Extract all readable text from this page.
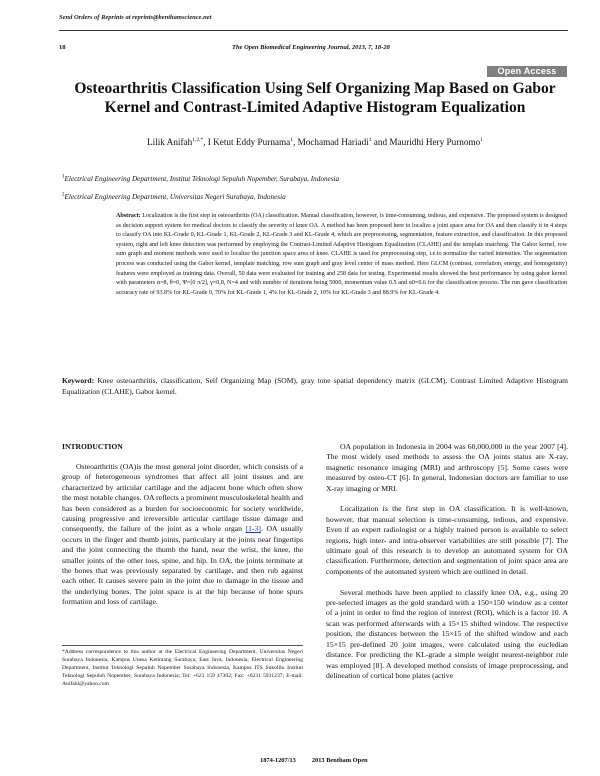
Send Orders of Reprints at reprints@benthamscience.net
18	The Open Biomedical Engineering Journal, 2013, 7, 18-28
Open Access
Osteoarthritis Classification Using Self Organizing Map Based on Gabor Kernel and Contrast-Limited Adaptive Histogram Equalization

Lilik Anifah$^{1,2,*}$, I Ketut Eddy Purnama$^1$, Mochamad Hariadi$^1$ and Mauridhi Hery Purnomo$^1$

$^1$Electrical Engineering Department, Institut Teknologi Sepuluh Nopember, Surabaya, Indonesia

$^2$Electrical Engineering Department, Universitas Negeri Surabaya, Indonesia

Abstract: Localization is the first step in osteoarthritis (OA) classification. Manual classification, however, is time-consuming, tedious, and expensive. The proposed system is designed as decision support system for medical doctors to classify the severity of knee OA. A method has been proposed here to localize a joint space area for OA and then classify it in 4 steps to classify OA into KL-Grade 0, KL-Grade 1, KL-Grade 2, KL-Grade 3 and KL-Grade 4, which are preprocessing, segmentation, feature extraction, and classification. In this proposed system, right and left knee detection was performed by employing the Contrast-Limited Adaptive Histogram Equalization (CLAHE) and the template matching. The Gabor kernel, row sum graph and moment methods were used to localize the junction space area of knee. CLAHE is used for preprocessing step, i.e.to normalize the varied intensities. The segmentation process was conducted using the Gabor kernel, template matching, row sum graph and gray level center of mass method. Here GLCM (contrast, correlation, energy, and homogeinity) features were employed as training data. Overall, 50 data were evaluated for training and 258 data for testing. Experimental results showed the best performance by using gabor kernel with parameters α=8, θ=0, Ψ=[0 π/2], γ=0,8, N=4 and with number of iterations being 5000, momentum value 0.5 and α0=0.6 for the classification process. The run gave classification accuracy rate of 93.8% for KL-Grade 0, 70% for KL-Grade 1, 4% for KL-Grade 2, 10% for KL-Grade 3 and 88.9% for KL-Grade 4.

Keyword: Knee osteoarthritis, classification, Self Organizing Map (SOM), gray tone spatial dependency matrix (GLCM), Contrast Limited Adaptive Histogram Equalization (CLAHE), Gabor kernel.

INTRODUCTION

Osteoarthritis (OA)is the most general joint disorder, which consists of a group of heterogeneous syndromes that affect all joint tissues and are characterized by articular cartilage and the adjacent bone which often show the most notable changes. OA reflects a prominent musculoskeletal health and has been considered as a burden for socioeconomic for society worldwide, causing progressive and irreversible articular cartilage tissue damage and consequently, the failure of the joint as a whole organ [1-3]. OA usually occurs in the finger and thumb joints, particulary at the joints near fingertips and the joint connecting the thumb the hand, near the wrist, the knee, the smaller joints of the other toes, spine, and hip. In OA, the joints terminate at the bones that was previously separated by cartilage, and then rub against each other. It causes severe pain in the joint due to damage in the tissue and the underlying bones. The joint space is at the hip because of bone spurs formation and loss of cartilage.

OA population in Indonesia in 2004 was 60,000,000 in the year 2007 [4]. The most widely used methods to assess the OA joints status are X-ray, magnetic resonance imaging (MRI) and arthroscopy [5]. Some cases were measured by osteo-CT [6]. In general, Indonesian doctors are familiar to use X-ray imaging or MRI.

Localization is the first step in OA classification. It is well-known, however, that manual selection is time-consuming, tedious, and expensive. Even if an expert radiologist or a highly trained person is available to select regions, high inter- and intra-observer variabilities are still possible [7]. The ultimate goal of this research is to develop an automated system for OA classification. Furthermore, detection and segmentation of joint space area are components of the automated system which are outlined in detail.

Several methods have been applied to classify knee OA, e.g., using 20 pre-selected images as the gold standard with a 150×150 window as a center of a joint in order to find the region of interest (ROI), which is a factor 10. A scan was performed afterwards with a 15×15 shifted window. The respective position, the distances between the 15×15 of the shifted window and each 15×15 pre-defined 20 joint images, were calculated using the eucledian distance. For predicting the KL-grade a simple weight nearest-neighbor rule was employed [8]. A developed method consists of image preprocessing, and delineation of cortical bone plates (active

*Address correspondence to this author at the Electrical Engineering Department, Universitas Negeri Surabaya Indonesia, Kampus Unesa Ketintang Surabaya, East Java, Indonesia, Electrical Engineering Department, Institut Teknologi Sepuluh Nopember Surabaya Indonesia, Kampus ITS Sukolilo Institut Teknologi Sepuluh Nopember, Surabaya Indonesia; Tel: +623 159 47302; Fax: +6231 5931237; E-mail: Anifahl@yahoo.com

1874-1207/13          2013 Bentham Open
